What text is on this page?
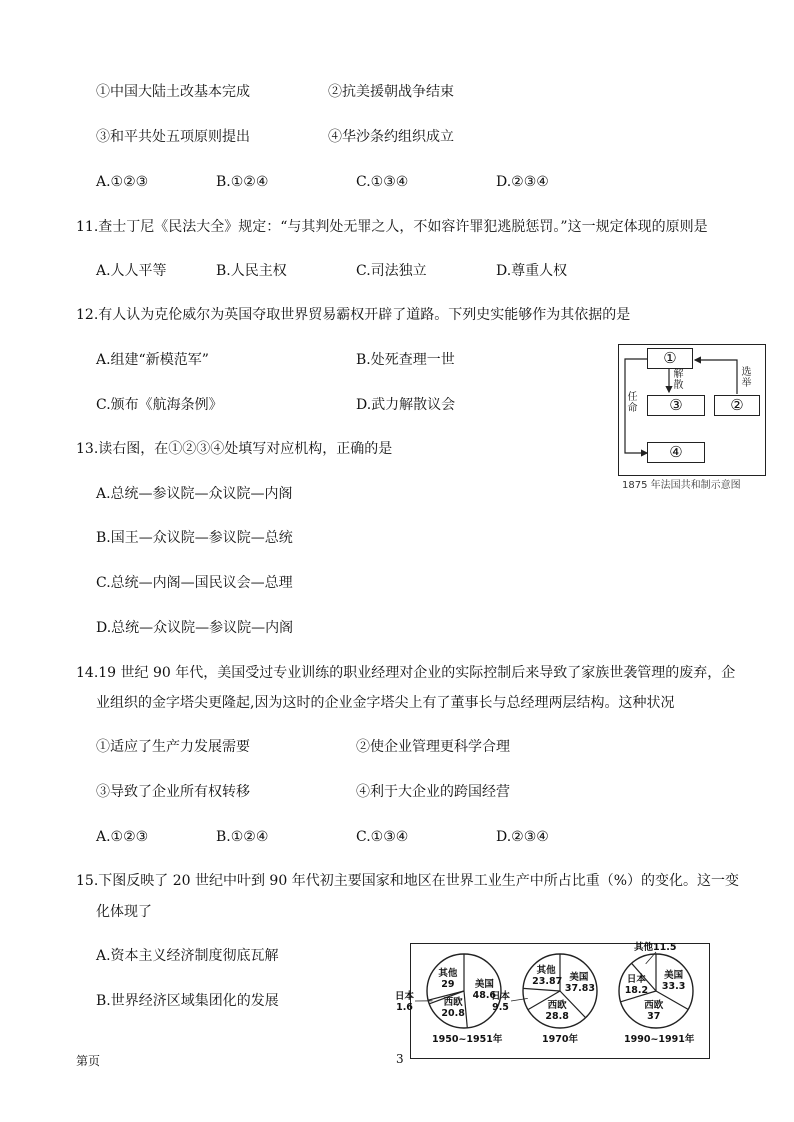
①中国大陆土改基本完成	②抗美援朝战争结束
③和平共处五项原则提出	④华沙条约组织成立
A.①②③	B.①②④	C.①③④	D.②③④
11.查士丁尼《民法大全》规定：“与其判处无罪之人，不如容许罪犯逃脱惩罚。”这一规定体现的原则是
A.人人平等	B.人民主权	C.司法独立	D.尊重人权
12.有人认为克伦威尔为英国夺取世界贸易霸权开辟了道路。下列史实能够作为其依据的是
A.组建“新模范军”	B.处死查理一世
C.颁布《航海条例》	D.武力解散议会
13.读右图，在①②③④处填写对应机构，正确的是
A.总统—参议院—众议院—内阁
B.国王—众议院—参议院—总统
C.总统—内阁—国民议会—总理
D.总统—众议院—参议院—内阁
①
③	②
④
解散
选举
任命
1875 年法国共和制示意图
14.19 世纪 90 年代，美国受过专业训练的职业经理对企业的实际控制后来导致了家族世袭管理的废弃，企
业组织的金字塔尖更隆起,因为这时的企业金字塔尖上有了董事长与总经理两层结构。这种状况
①适应了生产力发展需要	②使企业管理更科学合理
③导致了企业所有权转移	④利于大企业的跨国经营
A.①②③	B.①②④	C.①③④	D.②③④
15.下图反映了 20 世纪中叶到 90 年代初主要国家和地区在世界工业生产中所占比重（%）的变化。这一变
化体现了
A.资本主义经济制度彻底瓦解
B.世界经济区域集团化的发展
美国
48.6
西欧
20.8
日本
1.6
其他
29
1950~1951年
美国
37.83
西欧
28.8
日本
9.5
其他
23.87
1970年
美国
33.3
西欧
37
日本
18.2
其他11.5
1990~1991年
第页	3
